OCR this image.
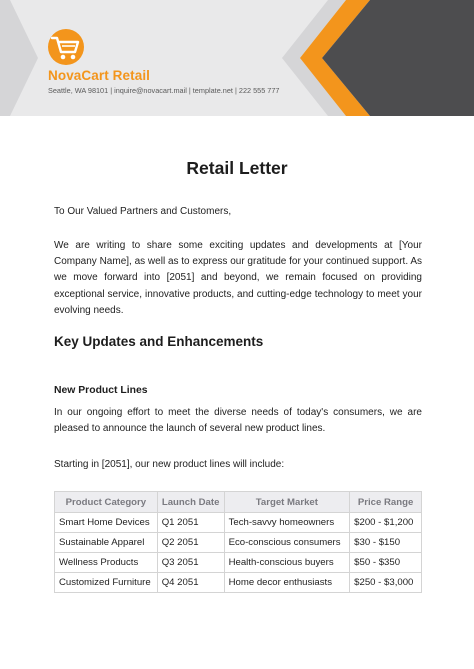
NovaCart Retail
Seattle, WA 98101 | inquire@novacart.mail | template.net | 222 555 777
Retail Letter
To Our Valued Partners and Customers,
We are writing to share some exciting updates and developments at [Your Company Name], as well as to express our gratitude for your continued support. As we move forward into [2051] and beyond, we remain focused on providing exceptional service, innovative products, and cutting-edge technology to meet your evolving needs.
Key Updates and Enhancements
New Product Lines
In our ongoing effort to meet the diverse needs of today's consumers, we are pleased to announce the launch of several new product lines.
Starting in [2051], our new product lines will include:
Product Category	Launch Date	Target Market	Price Range
Smart Home Devices	Q1 2051	Tech-savvy homeowners	$200 - $1,200
Sustainable Apparel	Q2 2051	Eco-conscious consumers	$30 - $150
Wellness Products	Q3 2051	Health-conscious buyers	$50 - $350
Customized Furniture	Q4 2051	Home decor enthusiasts	$250 - $3,000
